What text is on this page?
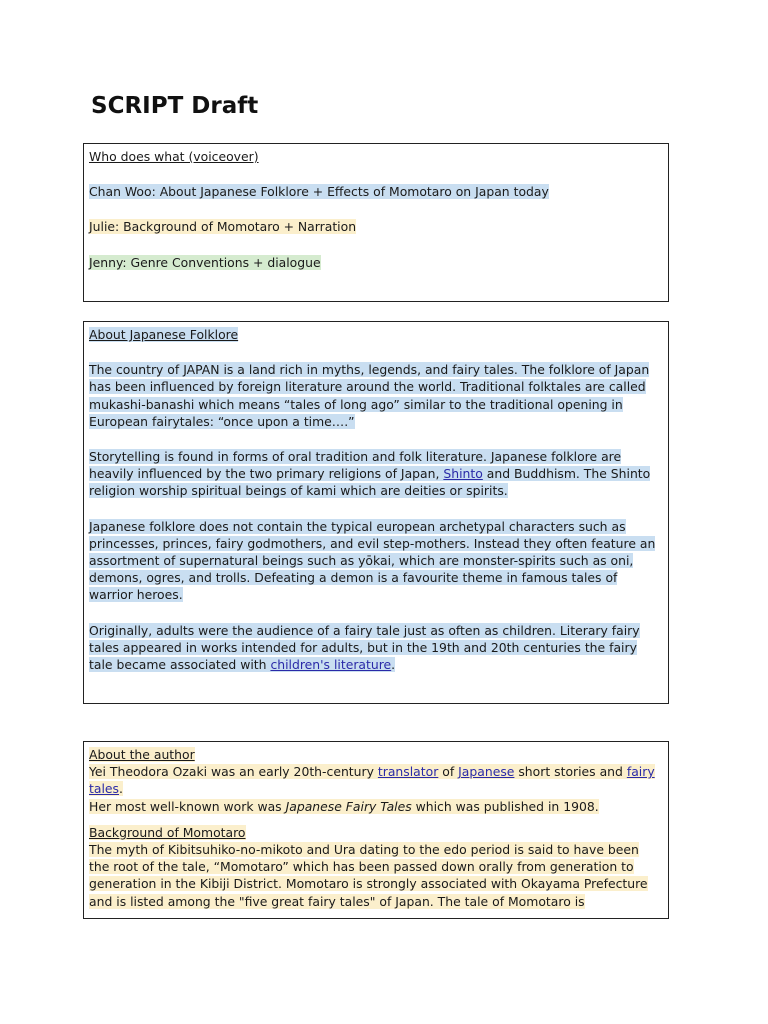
SCRIPT Draft

Who does what (voiceover)

Chan Woo: About Japanese Folklore + Effects of Momotaro on Japan today

Julie: Background of Momotaro + Narration

Jenny: Genre Conventions + dialogue

About Japanese Folklore

The country of JAPAN is a land rich in myths, legends, and fairy tales. The folklore of Japan has been influenced by foreign literature around the world. Traditional folktales are called mukashi-banashi which means “tales of long ago” similar to the traditional opening in European fairytales: “once upon a time….”

Storytelling is found in forms of oral tradition and folk literature. Japanese folklore are heavily influenced by the two primary religions of Japan, Shinto and Buddhism. The Shinto religion worship spiritual beings of kami which are deities or spirits.

Japanese folklore does not contain the typical european archetypal characters such as princesses, princes, fairy godmothers, and evil step-mothers. Instead they often feature an assortment of supernatural beings such as yōkai, which are monster-spirits such as oni, demons, ogres, and trolls. Defeating a demon is a favourite theme in famous tales of warrior heroes.

Originally, adults were the audience of a fairy tale just as often as children. Literary fairy tales appeared in works intended for adults, but in the 19th and 20th centuries the fairy tale became associated with children's literature.

About the author

Yei Theodora Ozaki was an early 20th-century translator of Japanese short stories and fairy tales.

Her most well-known work was Japanese Fairy Tales which was published in 1908.

Background of Momotaro

The myth of Kibitsuhiko-no-mikoto and Ura dating to the edo period is said to have been the root of the tale, “Momotaro” which has been passed down orally from generation to generation in the Kibiji District. Momotaro is strongly associated with Okayama Prefecture and is listed among the "five great fairy tales" of Japan. The tale of Momotaro is
